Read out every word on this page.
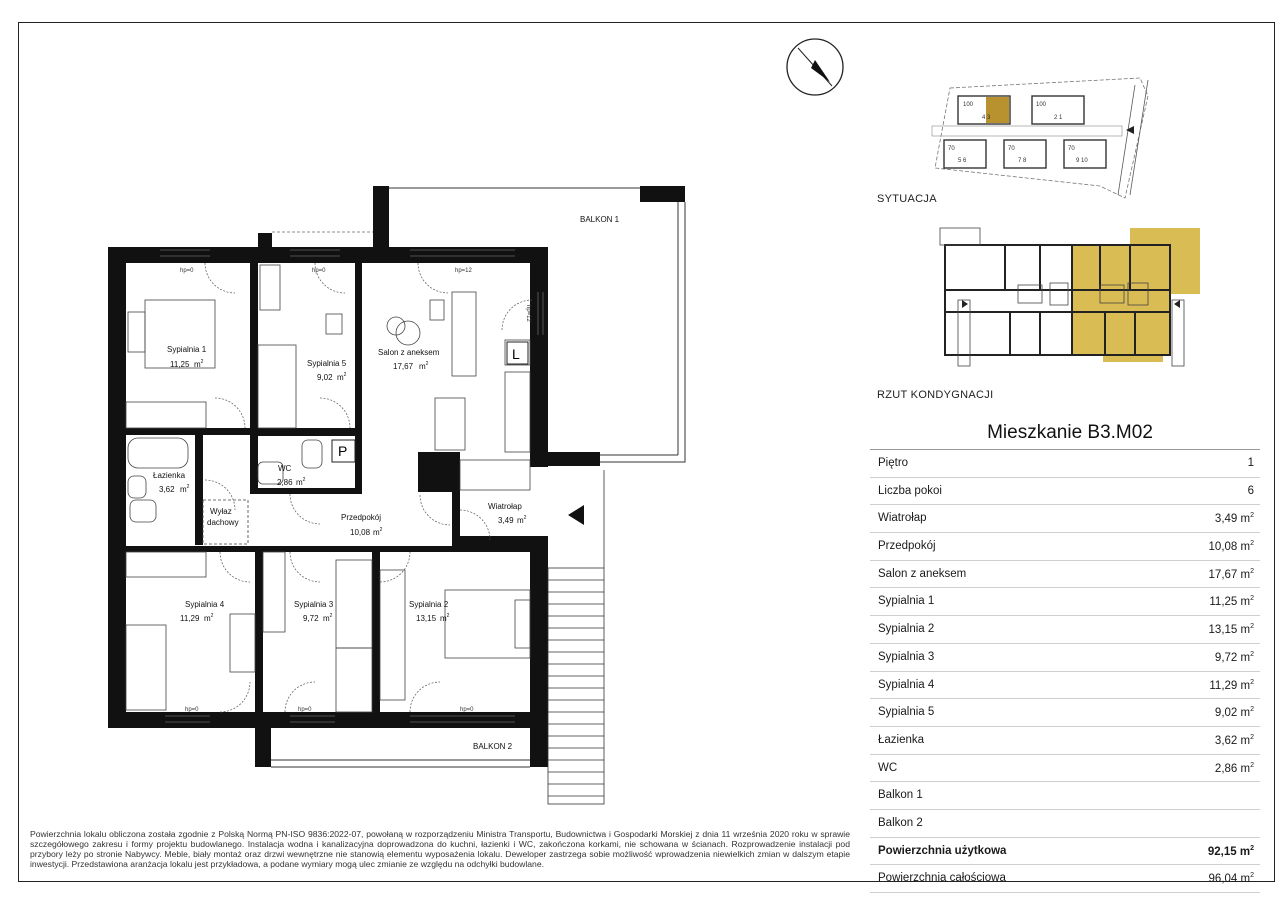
Sypialnia 1
11,25 $m^2$	Sypialnia 5
9,02 $m^2$
Salon z aneksem
17,67 $m^2$
Łazienka
3,62 $m^2$
WC
2,86 $m^2$
Przedpokój
10,08 $m^2$
Wiatrołap
3,49 $m^2$
Sypialnia 4
11,29 $m^2$
Sypialnia 3
9,72 $m^2$
Sypialnia 2
13,15 $m^2$
BALKON 1
BALKON 2
Wyłaz
dachowy
P
L
hp=0	hp=0	hp=12
hp=12
hp=0	hp=0	hp=0
100
4 3
100
2 1
70
5 6
70
7 8
70
9 10
SYTUACJA
RZUT KONDYGNACJI
Mieszkanie B3.M02
Piętro	1
Liczba pokoi	6
Wiatrołap	3,49 $m^2$
Przedpokój	10,08 $m^2$
Salon z aneksem	17,67 $m^2$
Sypialnia 1	11,25 $m^2$
Sypialnia 2	13,15 $m^2$
Sypialnia 3	9,72 $m^2$
Sypialnia 4	11,29 $m^2$
Sypialnia 5	9,02 $m^2$
Łazienka	3,62 $m^2$
WC	2,86 $m^2$
Balkon 1
Balkon 2
Powierzchnia użytkowa	92,15 $m^2$
Powierzchnia całościowa	96,04 $m^2$
Powierzchnia lokalu obliczona została zgodnie z Polską Normą PN-ISO 9836:2022-07, powołaną w rozporządzeniu Ministra Transportu, Budownictwa i Gospodarki Morskiej z dnia 11 września 2020 roku w sprawie szczegółowego zakresu i formy projektu budowlanego. Instalacja wodna i kanalizacyjna doprowadzona do kuchni, łazienki i WC, zakończona korkami, nie schowana w ścianach. Rozprowadzenie instalacji pod przybory leży po stronie Nabywcy. Meble, biały montaż oraz drzwi wewnętrzne nie stanowią elementu wyposażenia lokalu. Deweloper zastrzega sobie możliwość wprowadzenia niewielkich zmian w dalszym etapie inwestycji. Przedstawiona aranżacja lokalu jest przykładowa, a podane wymiary mogą ulec zmianie ze względu na odchyłki budowlane.
